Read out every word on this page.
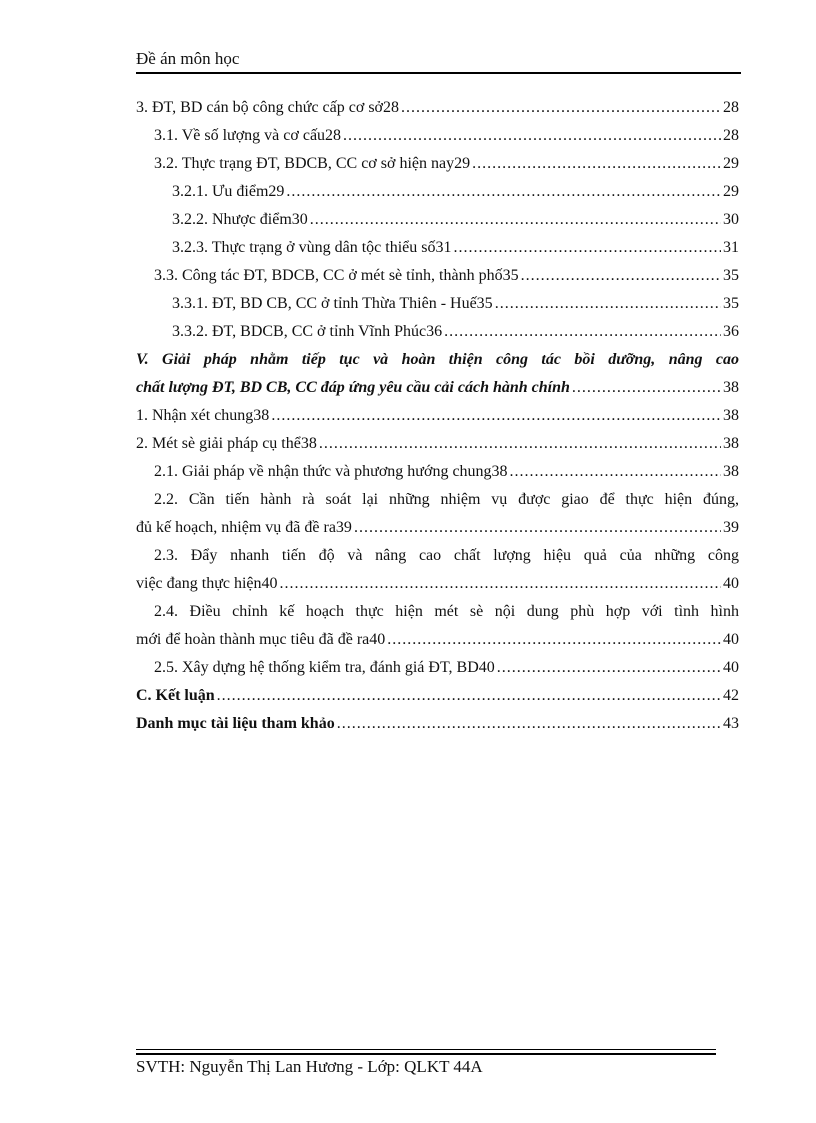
Đề án môn học
3. ĐT, BD cán bộ công chức cấp cơ sở28 .....	28
3.1. Về số lượng và cơ cấu28 .....	28
3.2. Thực trạng ĐT, BDCB, CC cơ sở hiện nay29 .....	29
3.2.1. Ưu điểm29 .....	29
3.2.2. Nhược điểm30 .....	30
3.2.3. Thực trạng ở vùng dân tộc thiểu số31 .....	31
3.3. Công tác ĐT, BDCB, CC ở mét sè tỉnh, thành phố35 .....	35
3.3.1. ĐT, BD CB, CC ở tỉnh Thừa Thiên - Huế35 .....	35
3.3.2. ĐT, BDCB, CC ở tỉnh Vĩnh Phúc36 .....	36
V. Giải pháp nhằm tiếp tục và hoàn thiện công tác bồi dưỡng, nâng cao
chất lượng ĐT, BD CB, CC đáp ứng yêu cầu cải cách hành chính .....	38
1. Nhận xét chung38 .....	38
2. Mét sè giải pháp cụ thể38 .....	38
2.1. Giải pháp về nhận thức và phương hướng chung38 .....	38
2.2. Cần tiến hành rà soát lại những nhiệm vụ được giao để thực hiện đúng,
đủ kế hoạch, nhiệm vụ đã đề ra39 .....	39
2.3. Đẩy nhanh tiến độ và nâng cao chất lượng hiệu quả của những công
việc đang thực hiện40 .....	40
2.4. Điều chỉnh kế hoạch thực hiện mét sè nội dung phù hợp với tình hình
mới để hoàn thành mục tiêu đã đề ra40 .....	40
2.5. Xây dựng hệ thống kiểm tra, đánh giá ĐT, BD40 .....	40
C. Kết luận .....	42
Danh mục tài liệu tham khảo .....	43
SVTH: Nguyễn Thị Lan Hương - Lớp: QLKT 44A
